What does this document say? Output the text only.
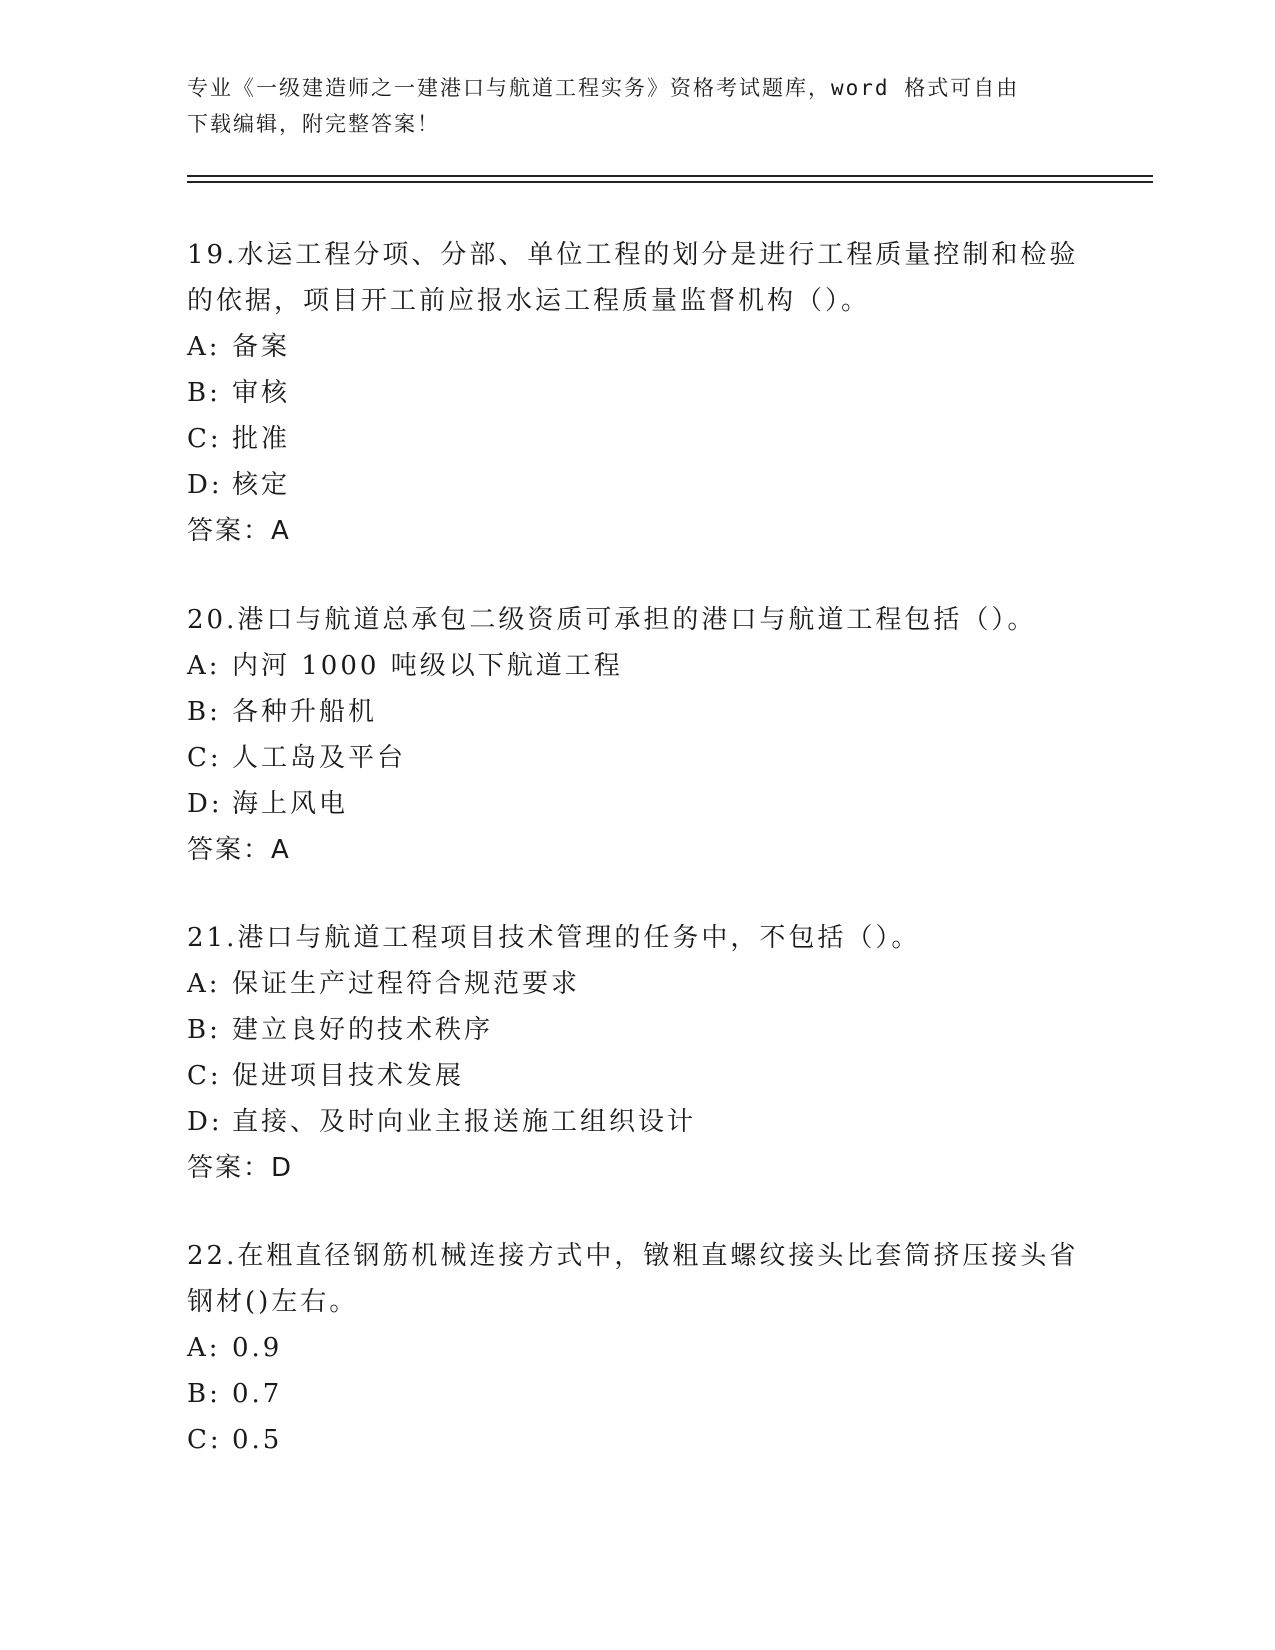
专业《一级建造师之一建港口与航道工程实务》资格考试题库，word 格式可自由
下载编辑，附完整答案！
19.水运工程分项、分部、单位工程的划分是进行工程质量控制和检验
的依据，项目开工前应报水运工程质量监督机构（）。
A: 备案
B: 审核
C: 批准
D: 核定
答案：A
20.港口与航道总承包二级资质可承担的港口与航道工程包括（）。
A: 内河 1000 吨级以下航道工程
B: 各种升船机
C: 人工岛及平台
D: 海上风电
答案：A
21.港口与航道工程项目技术管理的任务中，不包括（）。
A: 保证生产过程符合规范要求
B: 建立良好的技术秩序
C: 促进项目技术发展
D: 直接、及时向业主报送施工组织设计
答案：D
22.在粗直径钢筋机械连接方式中，镦粗直螺纹接头比套筒挤压接头省
钢材()左右。
A: 0.9
B: 0.7
C: 0.5
